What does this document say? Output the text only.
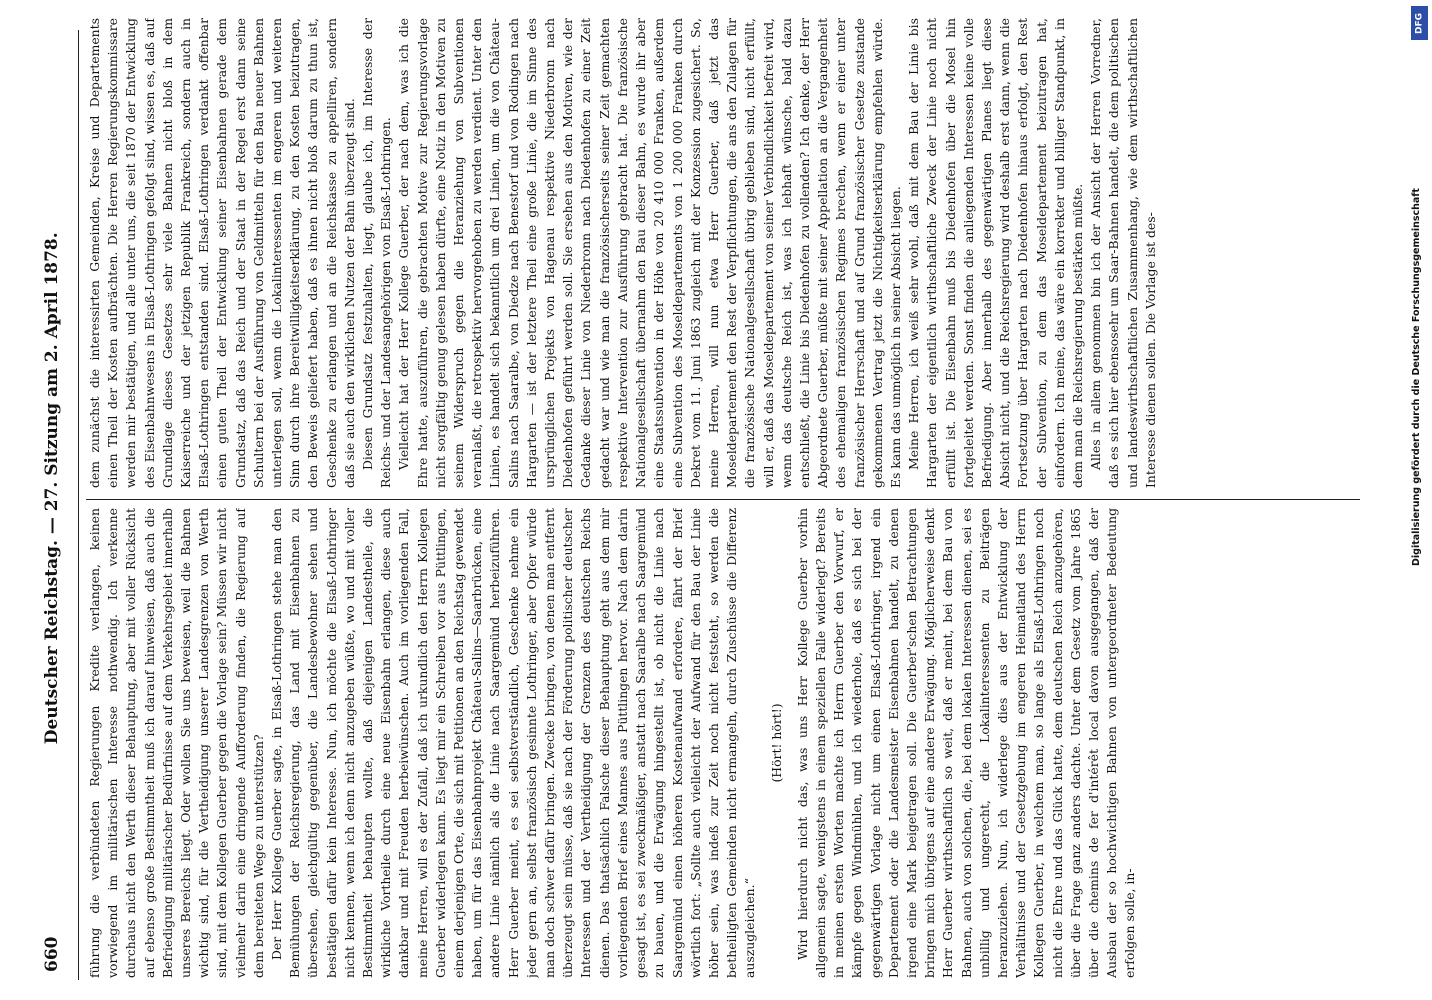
660
Deutscher Reichstag. — 27. Sitzung am 2. April 1878. führung die verbündeten Regierungen Kredite verlangen, keinen vorwiegend im militärischen Interesse nothwendig. Ich verkenne durchaus nicht den Werth dieser Behauptung, aber mit voller Rücksicht auf ebenso große Bestimmtheit muß ich darauf hinweisen, daß auch die Befriedigung militärischer Bedürfnisse auf dem Verkehrsgebiet innerhalb unseres Bereichs liegt. Oder wollen Sie uns beweisen, weil die Bahnen wichtig sind, für die Vertheidigung unserer Landesgrenzen von Werth sind, mit dem Kollegen Guerber gegen die Vorlage sein? Müssen wir nicht vielmehr darin eine dringende Aufforderung finden, die Regierung auf dem bereiteten Wege zu unterstützen? Der Herr Kollege Guerber sagte, in Elsaß-Lothringen stehe man den Bemühungen der Reichsregierung, das Land mit Eisenbahnen zu übersehen, gleichgültig gegenüber, die Landesbewohner sehen und bestätigen dafür kein Interesse. Nun, ich möchte die Elsaß-Lothringer nicht kennen, wenn ich denn nicht anzugeben wüßte, wo und mit voller Bestimmtheit behaupten wollte, daß diejenigen Landestheile, die wirkliche Vortheile durch eine neue Eisenbahn erlangen, diese auch dankbar und mit Freuden herbeiwünschen. Auch im vorliegenden Fall, meine Herren, will es der Zufall, daß ich urkundlich den Herrn Kollegen Guerber widerlegen kann. Es liegt mir ein Schreiben vor aus Püttlingen, einem derjenigen Orte, die sich mit Petitionen an den Reichstag gewendet haben, um für das Eisenbahnprojekt Château-Salins—Saarbrücken, eine andere Linie nämlich als die Linie nach Saargemünd herbeizuführen. Herr Guerber meint, es sei selbstverständlich, Geschenke nehme ein jeder gern an, selbst französisch gesinnte Lothringer, aber Opfer würde man doch schwer dafür bringen. Zwecke bringen, von denen man entfernt überzeugt sein müsse, daß sie nach der Förderung politischer deutscher Interessen und der Vertheidigung der Grenzen des deutschen Reichs dienen. Das thatsächlich Falsche dieser Behauptung geht aus dem mir vorliegenden Brief eines Mannes aus Püttlingen hervor. Nach dem darin gesagt ist, es sei zweckmäßiger, anstatt nach Saaralbe nach Saargemünd zu bauen, und die Erwägung hingestellt ist, ob nicht die Linie nach Saargemünd einen höheren Kostenaufwand erfordere, fährt der Brief wörtlich fort: „Sollte auch vielleicht der Aufwand für den Bau der Linie höher sein, was indeß zur Zeit noch nicht feststeht, so werden die betheiligten Gemeinden nicht ermangeln, durch Zuschüsse die Differenz auszugleichen.“

(Hört! hört!) Wird hierdurch nicht das, was uns Herr Kollege Guerber vorhin allgemein sagte, wenigstens in einem speziellen Falle widerlegt? Bereits in meinen ersten Worten machte ich Herrn Guerber den Vorwurf, er kämpfe gegen Windmühlen, und ich wiederhole, daß es sich bei der gegenwärtigen Vorlage nicht um einen Elsaß-Lothringer, irgend ein Departement oder die Landesmeister Eisenbahnen handelt, zu denen irgend eine Mark beigetragen soll. Die Guerber'schen Betrachtungen bringen mich übrigens auf eine andere Erwägung. Möglicherweise denkt Herr Guerber wirthschaftlich so weit, daß er meint, bei dem Bau von Bahnen, auch von solchen, die, bei dem lokalen Interessen dienen, sei es unbillig und ungerecht, die Lokalinteressenten zu Beiträgen heranzuziehen. Nun, ich widerlege dies aus der Entwicklung der Verhältnisse und der Gesetzgebung im engeren Heimatland des Herrn Kollegen Guerber, in welchem man, so lange als Elsaß-Lothringen noch nicht die Ehre und das Glück hatte, dem deutschen Reich anzugehören, über die Frage ganz anders dachte. Unter dem Gesetz vom Jahre 1865 über die chemins de fer d'intérêt local davon ausgegangen, daß der Ausbau der so hochwichtigen Bahnen von untergeordneter Bedeutung erfolgen solle, in-

dem zunächst die interessirten Gemeinden, Kreise und Departements einen Theil der Kosten aufbrächten. Die Herren Regierungskommissare werden mir bestätigen, und alle unter uns, die seit 1870 der Entwicklung des Eisenbahnwesens in Elsaß-Lothringen gefolgt sind, wissen es, daß auf Grundlage dieses Gesetzes sehr viele Bahnen nicht bloß in dem Kaiserreiche und der jetzigen Republik Frankreich, sondern auch in Elsaß-Lothringen entstanden sind. Elsaß-Lothringen verdankt offenbar einen guten Theil der Entwicklung seiner Eisenbahnen gerade dem Grundsatz, daß das Reich und der Staat in der Regel erst dann seine Schultern bei der Ausführung von Geldmitteln für den Bau neuer Bahnen unterlegen soll, wenn die Lokalinteressenten im engeren und weiteren Sinn durch ihre Bereitwilligkeitserklärung, zu den Kosten beizutragen, den Beweis geliefert haben, daß es ihnen nicht bloß darum zu thun ist, Geschenke zu erlangen und an die Reichskasse zu appelliren, sondern daß sie auch den wirklichen Nutzen der Bahn überzeugt sind. Diesen Grundsatz festzuhalten, liegt, glaube ich, im Interesse der Reichs- und der Landesangehörigen von Elsaß-Lothringen. Vielleicht hat der Herr Kollege Guerber, der nach dem, was ich die Ehre hatte, auszuführen, die gebrachten Motive zur Regierungsvorlage nicht sorgfältig genug gelesen haben dürfte, eine Notiz in den Motiven zu seinem Widerspruch gegen die Heranziehung von Subventionen veranlaßt, die retrospektiv hervorgehoben zu werden verdient. Unter den Linien, es handelt sich bekanntlich um drei Linien, um die von Château-Salins nach Saaralbe, von Diedze nach Benestorf und von Rodingen nach Hargarten — ist der letztere Theil eine große Linie, die im Sinne des ursprünglichen Projekts von Hagenau respektive Niederbronn nach Diedenhofen geführt werden soll. Sie ersehen aus den Motiven, wie der Gedanke dieser Linie von Niederbronn nach Diedenhofen zu einer Zeit gedacht war und wie man die französischerseits seiner Zeit gemachten respektive Intervention zur Ausführung gebracht hat. Die französische Nationalgesellschaft übernahm den Bau dieser Bahn, es wurde ihr aber eine Staatssubvention in der Höhe von 20 410 000 Franken, außerdem eine Subvention des Moseldepartements von 1 200 000 Franken durch Dekret vom 11. Juni 1863 zugleich mit der Konzession zugesichert. So, meine Herren, will nun etwa Herr Guerber, daß jetzt das Moseldepartement den Rest der Verpflichtungen, die ans den Zulagen für die französische Nationalgesellschaft übrig geblieben sind, nicht erfüllt, will er, daß das Moseldepartement von seiner Verbindlichkeit befreit wird, wenn das deutsche Reich ist, was ich lebhaft wünsche, bald dazu entschließt, die Linie bis Diedenhofen zu vollenden? Ich denke, der Herr Abgeordnete Guerber, müßte mit seiner Appellation an die Vergangenheit des ehemaligen französischen Regimes brechen, wenn er einer unter französischer Herrschaft und auf Grund französischer Gesetze zustande gekommenen Vertrag jetzt die Nichtigkeitserklärung empfehlen würde. Es kann das unmöglich in seiner Absicht liegen. Meine Herren, ich weiß sehr wohl, daß mit dem Bau der Linie bis Hargarten der eigentlich wirthschaftliche Zweck der Linie noch nicht erfüllt ist. Die Eisenbahn muß bis Diedenhofen über die Mosel hin fortgeleitet werden. Sonst finden die anliegenden Interessen keine volle Befriedigung. Aber innerhalb des gegenwärtigen Planes liegt diese Absicht nicht, und die Reichsregierung wird deshalb erst dann, wenn die Fortsetzung über Hargarten nach Diedenhofen hinaus erfolgt, den Rest der Subvention, zu dem das Moseldepartement beizutragen hat, einfordern. Ich meine, das wäre ein korrekter und billiger Standpunkt, in dem man die Reichsregierung bestärken müßte. Alles in allem genommen bin ich der Ansicht der Herren Vorredner, daß es sich hier ebensosehr um Saar-Bahnen handelt, die dem politischen und landeswirthschaftlichen Zusammenhang, wie dem wirthschaftlichen Interesse dienen sollen. Die Vorlage ist des-

DFG
Digitalisierung gefördert durch die Deutsche Forschungsgemeinschaft
